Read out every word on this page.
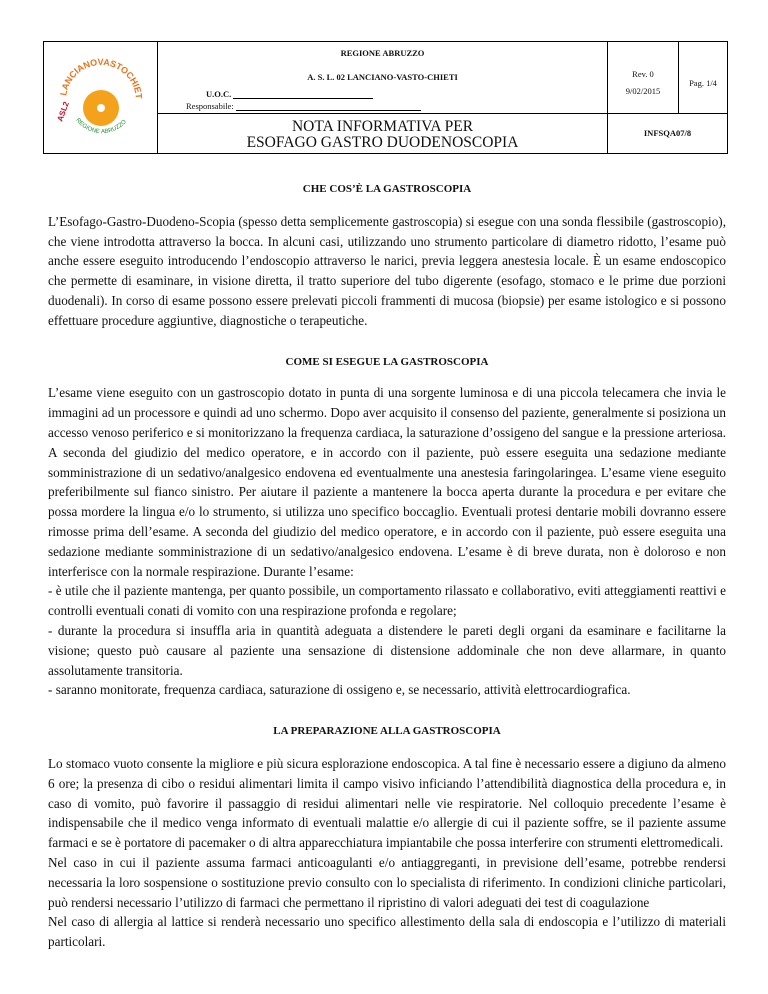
LANCIANOVASTOCHIET
REGIONE ABRUZZO
ASL2
REGIONE ABRUZZO
A. S. L. 02 LANCIANO-VASTO-CHIETI
U.O.C.
Responsabile:
NOTA INFORMATIVA PER
ESOFAGO GASTRO DUODENOSCOPIA
Rev. 0
9/02/2015
Pag. 1/4
INFSQA07/8
CHE COS’È LA GASTROSCOPIA

L’Esofago-Gastro-Duodeno-Scopia (spesso detta semplicemente gastroscopia) si esegue con una sonda flessibile (gastroscopio), che viene introdotta attraverso la bocca. In alcuni casi, utilizzando uno strumento particolare di diametro ridotto, l’esame può anche essere eseguito introducendo l’endoscopio attraverso le narici, previa leggera anestesia locale. È un esame endoscopico che permette di esaminare, in visione diretta, il tratto superiore del tubo digerente (esofago, stomaco e le prime due porzioni duodenali). In corso di esame possono essere prelevati piccoli frammenti di mucosa (biopsie) per esame istologico e si possono effettuare procedure aggiuntive, diagnostiche o terapeutiche.

COME SI ESEGUE LA GASTROSCOPIA

L’esame viene eseguito con un gastroscopio dotato in punta di una sorgente luminosa e di una piccola telecamera che invia le immagini ad un processore e quindi ad uno schermo. Dopo aver acquisito il consenso del paziente, generalmente si posiziona un accesso venoso periferico e si monitorizzano la frequenza cardiaca, la saturazione d’ossigeno del sangue e la pressione arteriosa. A seconda del giudizio del medico operatore, e in accordo con il paziente, può essere eseguita una sedazione mediante somministrazione di un sedativo/analgesico endovena ed eventualmente una anestesia faringolaringea. L’esame viene eseguito preferibilmente sul fianco sinistro. Per aiutare il paziente a mantenere la bocca aperta durante la procedura e per evitare che possa mordere la lingua e/o lo strumento, si utilizza uno specifico boccaglio. Eventuali protesi dentarie mobili dovranno essere rimosse prima dell’esame. A seconda del giudizio del medico operatore, e in accordo con il paziente, può essere eseguita una sedazione mediante somministrazione di un sedativo/analgesico endovena. L’esame è di breve durata, non è doloroso e non interferisce con la normale respirazione. Durante l’esame:

- è utile che il paziente mantenga, per quanto possibile, un comportamento rilassato e collaborativo, eviti atteggiamenti reattivi e controlli eventuali conati di vomito con una respirazione profonda e regolare;

- durante la procedura si insuffla aria in quantità adeguata a distendere le pareti degli organi da esaminare e facilitarne la visione; questo può causare al paziente una sensazione di distensione addominale che non deve allarmare, in quanto assolutamente transitoria.

- saranno monitorate, frequenza cardiaca, saturazione di ossigeno e, se necessario, attività elettrocardiografica.

LA PREPARAZIONE ALLA GASTROSCOPIA

Lo stomaco vuoto consente la migliore e più sicura esplorazione endoscopica. A tal fine è necessario essere a digiuno da almeno 6 ore; la presenza di cibo o residui alimentari limita il campo visivo inficiando l’attendibilità diagnostica della procedura e, in caso di vomito, può favorire il passaggio di residui alimentari nelle vie respiratorie. Nel colloquio precedente l’esame è indispensabile che il medico venga informato di eventuali malattie e/o allergie di cui il paziente soffre, se il paziente assume farmaci e se è portatore di pacemaker o di altra apparecchiatura impiantabile che possa interferire con strumenti elettromedicali.

Nel caso in cui il paziente assuma farmaci anticoagulanti e/o antiaggreganti, in previsione dell’esame, potrebbe rendersi necessaria la loro sospensione o sostituzione previo consulto con lo specialista di riferimento. In condizioni cliniche particolari, può rendersi necessario l’utilizzo di farmaci che permettano il ripristino di valori adeguati dei test di coagulazione

Nel caso di allergia al lattice si renderà necessario uno specifico allestimento della sala di endoscopia e l’utilizzo di materiali particolari.
